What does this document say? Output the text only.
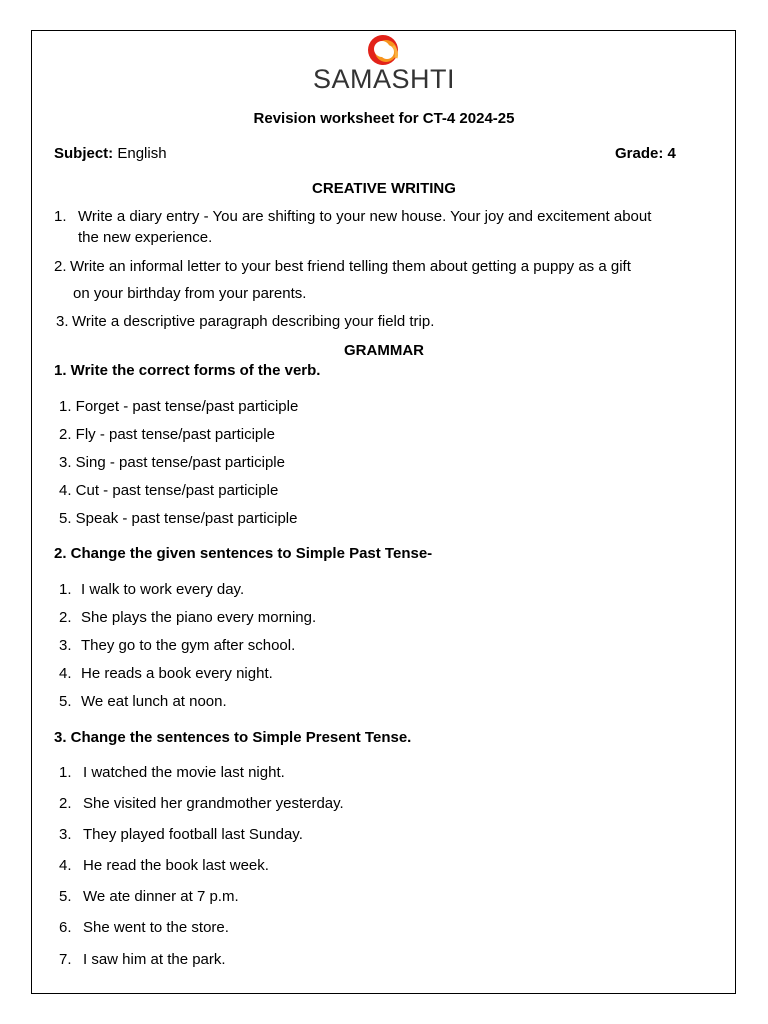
SAMASHTI
Revision worksheet for CT-4 2024-25
Subject: English	Grade: 4
CREATIVE WRITING
1. Write a diary entry - You are shifting to your new house. Your joy and excitement about
the new experience.
2. Write an informal letter to your best friend telling them about getting a puppy as a gift
on your birthday from your parents.
3. Write a descriptive paragraph describing your field trip.
GRAMMAR
1. Write the correct forms of the verb.
1. Forget - past tense/past participle
2. Fly - past tense/past participle
3. Sing - past tense/past participle
4. Cut - past tense/past participle
5. Speak - past tense/past participle
2. Change the given sentences to Simple Past Tense-
1. I walk to work every day.
2. She plays the piano every morning.
3. They go to the gym after school.
4. He reads a book every night.
5. We eat lunch at noon.
3. Change the sentences to Simple Present Tense.
1. I watched the movie last night.
2. She visited her grandmother yesterday.
3. They played football last Sunday.
4. He read the book last week.
5. We ate dinner at 7 p.m.
6. She went to the store.
7. I saw him at the park.
